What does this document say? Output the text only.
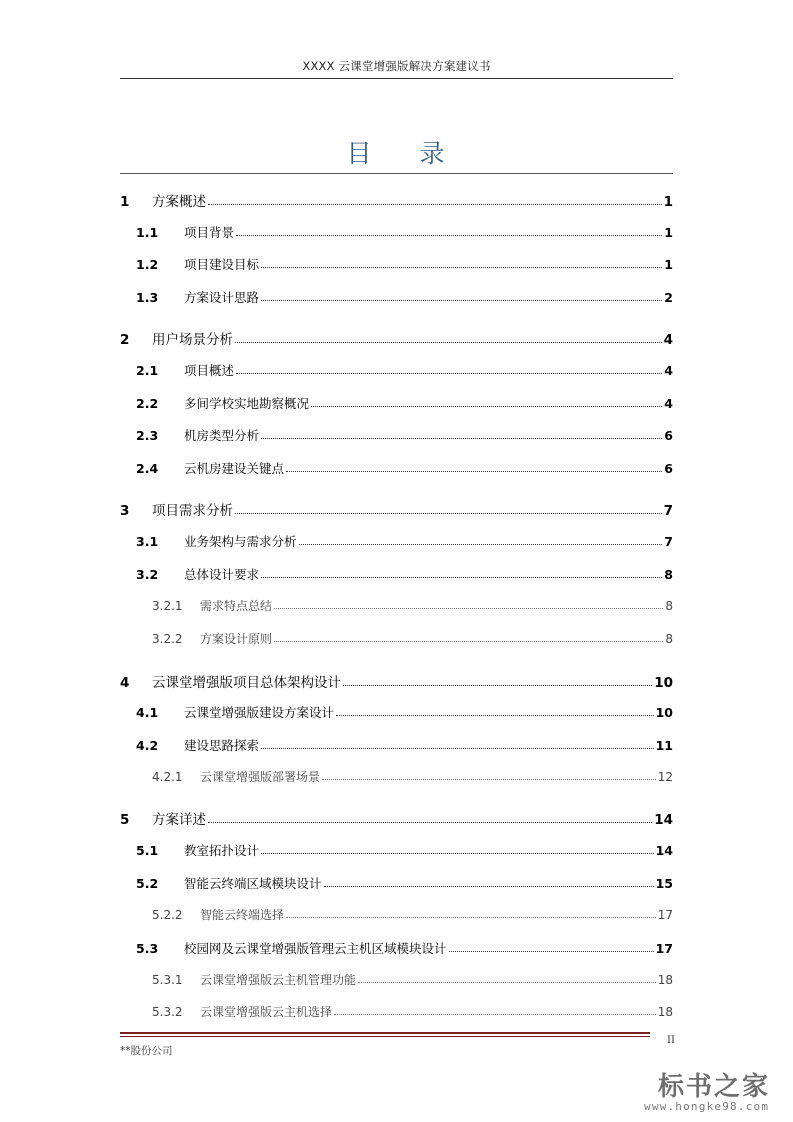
XXXX 云课堂增强版解决方案建议书
目 录
1	方案概述	1
1.1	项目背景	1
1.2	项目建设目标	1
1.3	方案设计思路	2
2	用户场景分析	4
2.1	项目概述	4
2.2	多间学校实地勘察概况	4
2.3	机房类型分析	6
2.4	云机房建设关键点	6
3	项目需求分析	7
3.1	业务架构与需求分析	7
3.2	总体设计要求	8
3.2.1	需求特点总结	8
3.2.2	方案设计原则	8
4	云课堂增强版项目总体架构设计	10
4.1	云课堂增强版建设方案设计	10
4.2	建设思路探索	11
4.2.1	云课堂增强版部署场景	12
5	方案详述	14
5.1	教室拓扑设计	14
5.2	智能云终端区域模块设计	15
5.2.2	智能云终端选择	17
5.3	校园网及云课堂增强版管理云主机区域模块设计	17
5.3.1	云课堂增强版云主机管理功能	18
5.3.2	云课堂增强版云主机选择	18
II
**股份公司
标书之家
www.hongke98.com
